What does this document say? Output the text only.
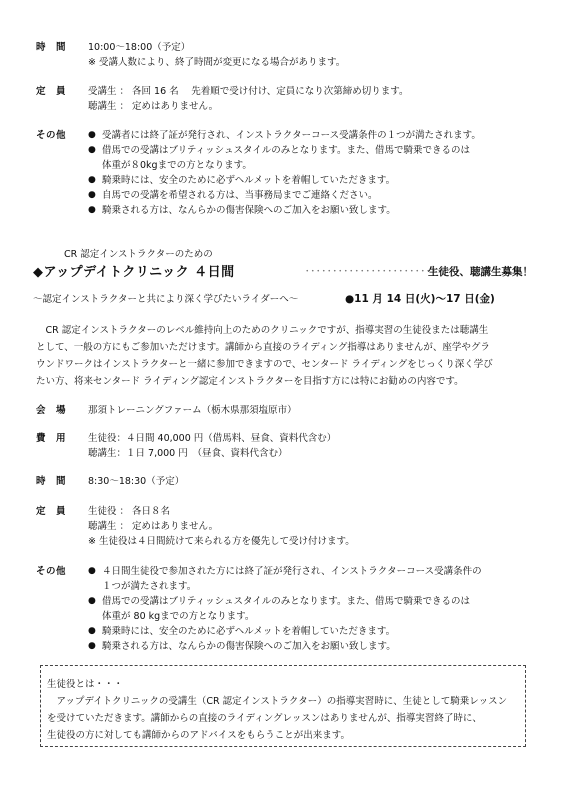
時　間 10:00～18:00（予定）
※ 受講人数により、終了時間が変更になる場合があります。
定　員 受講生 ： 各回 16 名　 先着順で受け付け、定員になり次第締め切ります。
聴講生 ： 定めはありません。
その他	● 受講者には終了証が発行され、インストラクターコース受講条件の１つが満たされます。
● 借馬での受講はブリティッシュスタイルのみとなります。また、借馬で騎乗できるのは
体重が８0kgまでの方となります。
● 騎乗時には、安全のために必ずヘルメットを着帽していただきます。
● 自馬での受講を希望される方は、当事務局までご連絡ください。
● 騎乗される方は、なんらかの傷害保険へのご加入をお願い致します。
CR 認定インストラクターのための
◆アップデイトクリニック ４日間	･････････････････････････
生徒役、聴講生募集！
～認定インストラクターと共により深く学びたいライダーへ～	●11 月 14 日(火)～17 日(金)
　CR 認定インストラクターのレベル維持向上のためのクリニックですが、指導実習の生徒役または聴講生
として、一般の方にもご参加いただけます。講師から直接のライディング指導はありませんが、座学やグラ
ウンドワークはインストラクターと一緒に参加できますので、センタード ライディングをじっくり深く学び
たい方、将来センタード ライディング認定インストラクターを目指す方には特にお勧めの内容です。
会　場 那須トレーニングファーム（栃木県那須塩原市）
費　用 生徒役：４日間 40,000 円（借馬料、昼食、資料代含む）
聴講生：１日 7,000 円　（昼食、資料代含む）
時　間 8:30～18:30（予定）
定　員 生徒役 ： 各日８名
聴講生 ： 定めはありません。
※ 生徒役は４日間続けて来られる方を優先して受け付けます。
その他	● ４日間生徒役で参加された方には終了証が発行され、インストラクターコース受講条件の
１つが満たされます。
● 借馬での受講はブリティッシュスタイルのみとなります。また、借馬で騎乗できるのは
体重が 80 kgまでの方となります。
● 騎乗時には、安全のために必ずヘルメットを着帽していただきます。
● 騎乗される方は、なんらかの傷害保険へのご加入をお願い致します。
生徒役とは・・・
　アップデイトクリニックの受講生（CR 認定インストラクター）の指導実習時に、生徒として騎乗レッスン
を受けていただきます。講師からの直接のライディングレッスンはありませんが、指導実習終了時に、
生徒役の方に対しても講師からのアドバイスをもらうことが出来ます。
